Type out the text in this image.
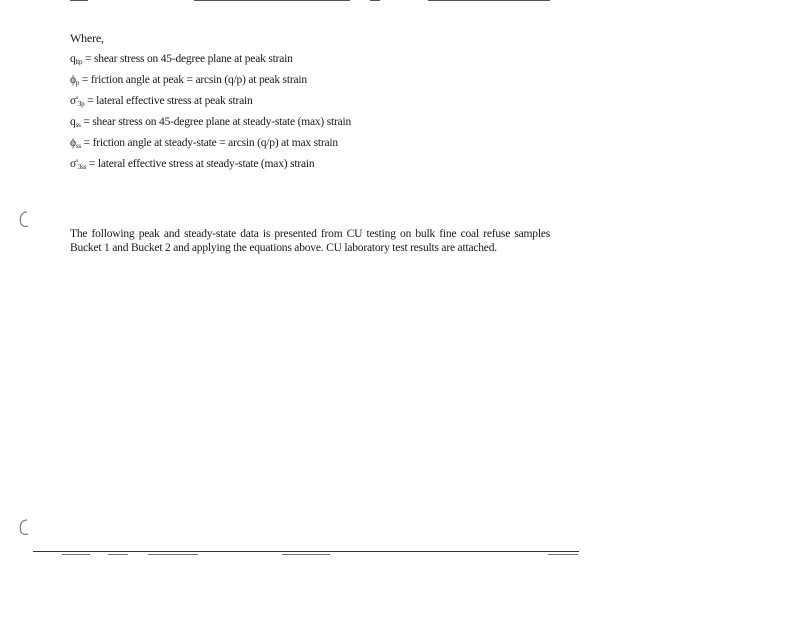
Where,
$q_{ltp}$ = shear stress on 45-degree plane at peak strain
$\phi_p$ = friction angle at peak = arcsin (q/p) at peak strain
$\sigma'_{3p}$ = lateral effective stress at peak strain
$q_{ss}$ = shear stress on 45-degree plane at steady-state (max) strain
$\phi_{ss}$ = friction angle at steady-state = arcsin (q/p) at max strain
$\sigma'_{3ss}$ = lateral effective stress at steady-state (max) strain

The following peak and steady-state data is presented from CU testing on bulk fine coal refuse samples Bucket 1 and Bucket 2 and applying the equations above. CU laboratory test results are attached.
